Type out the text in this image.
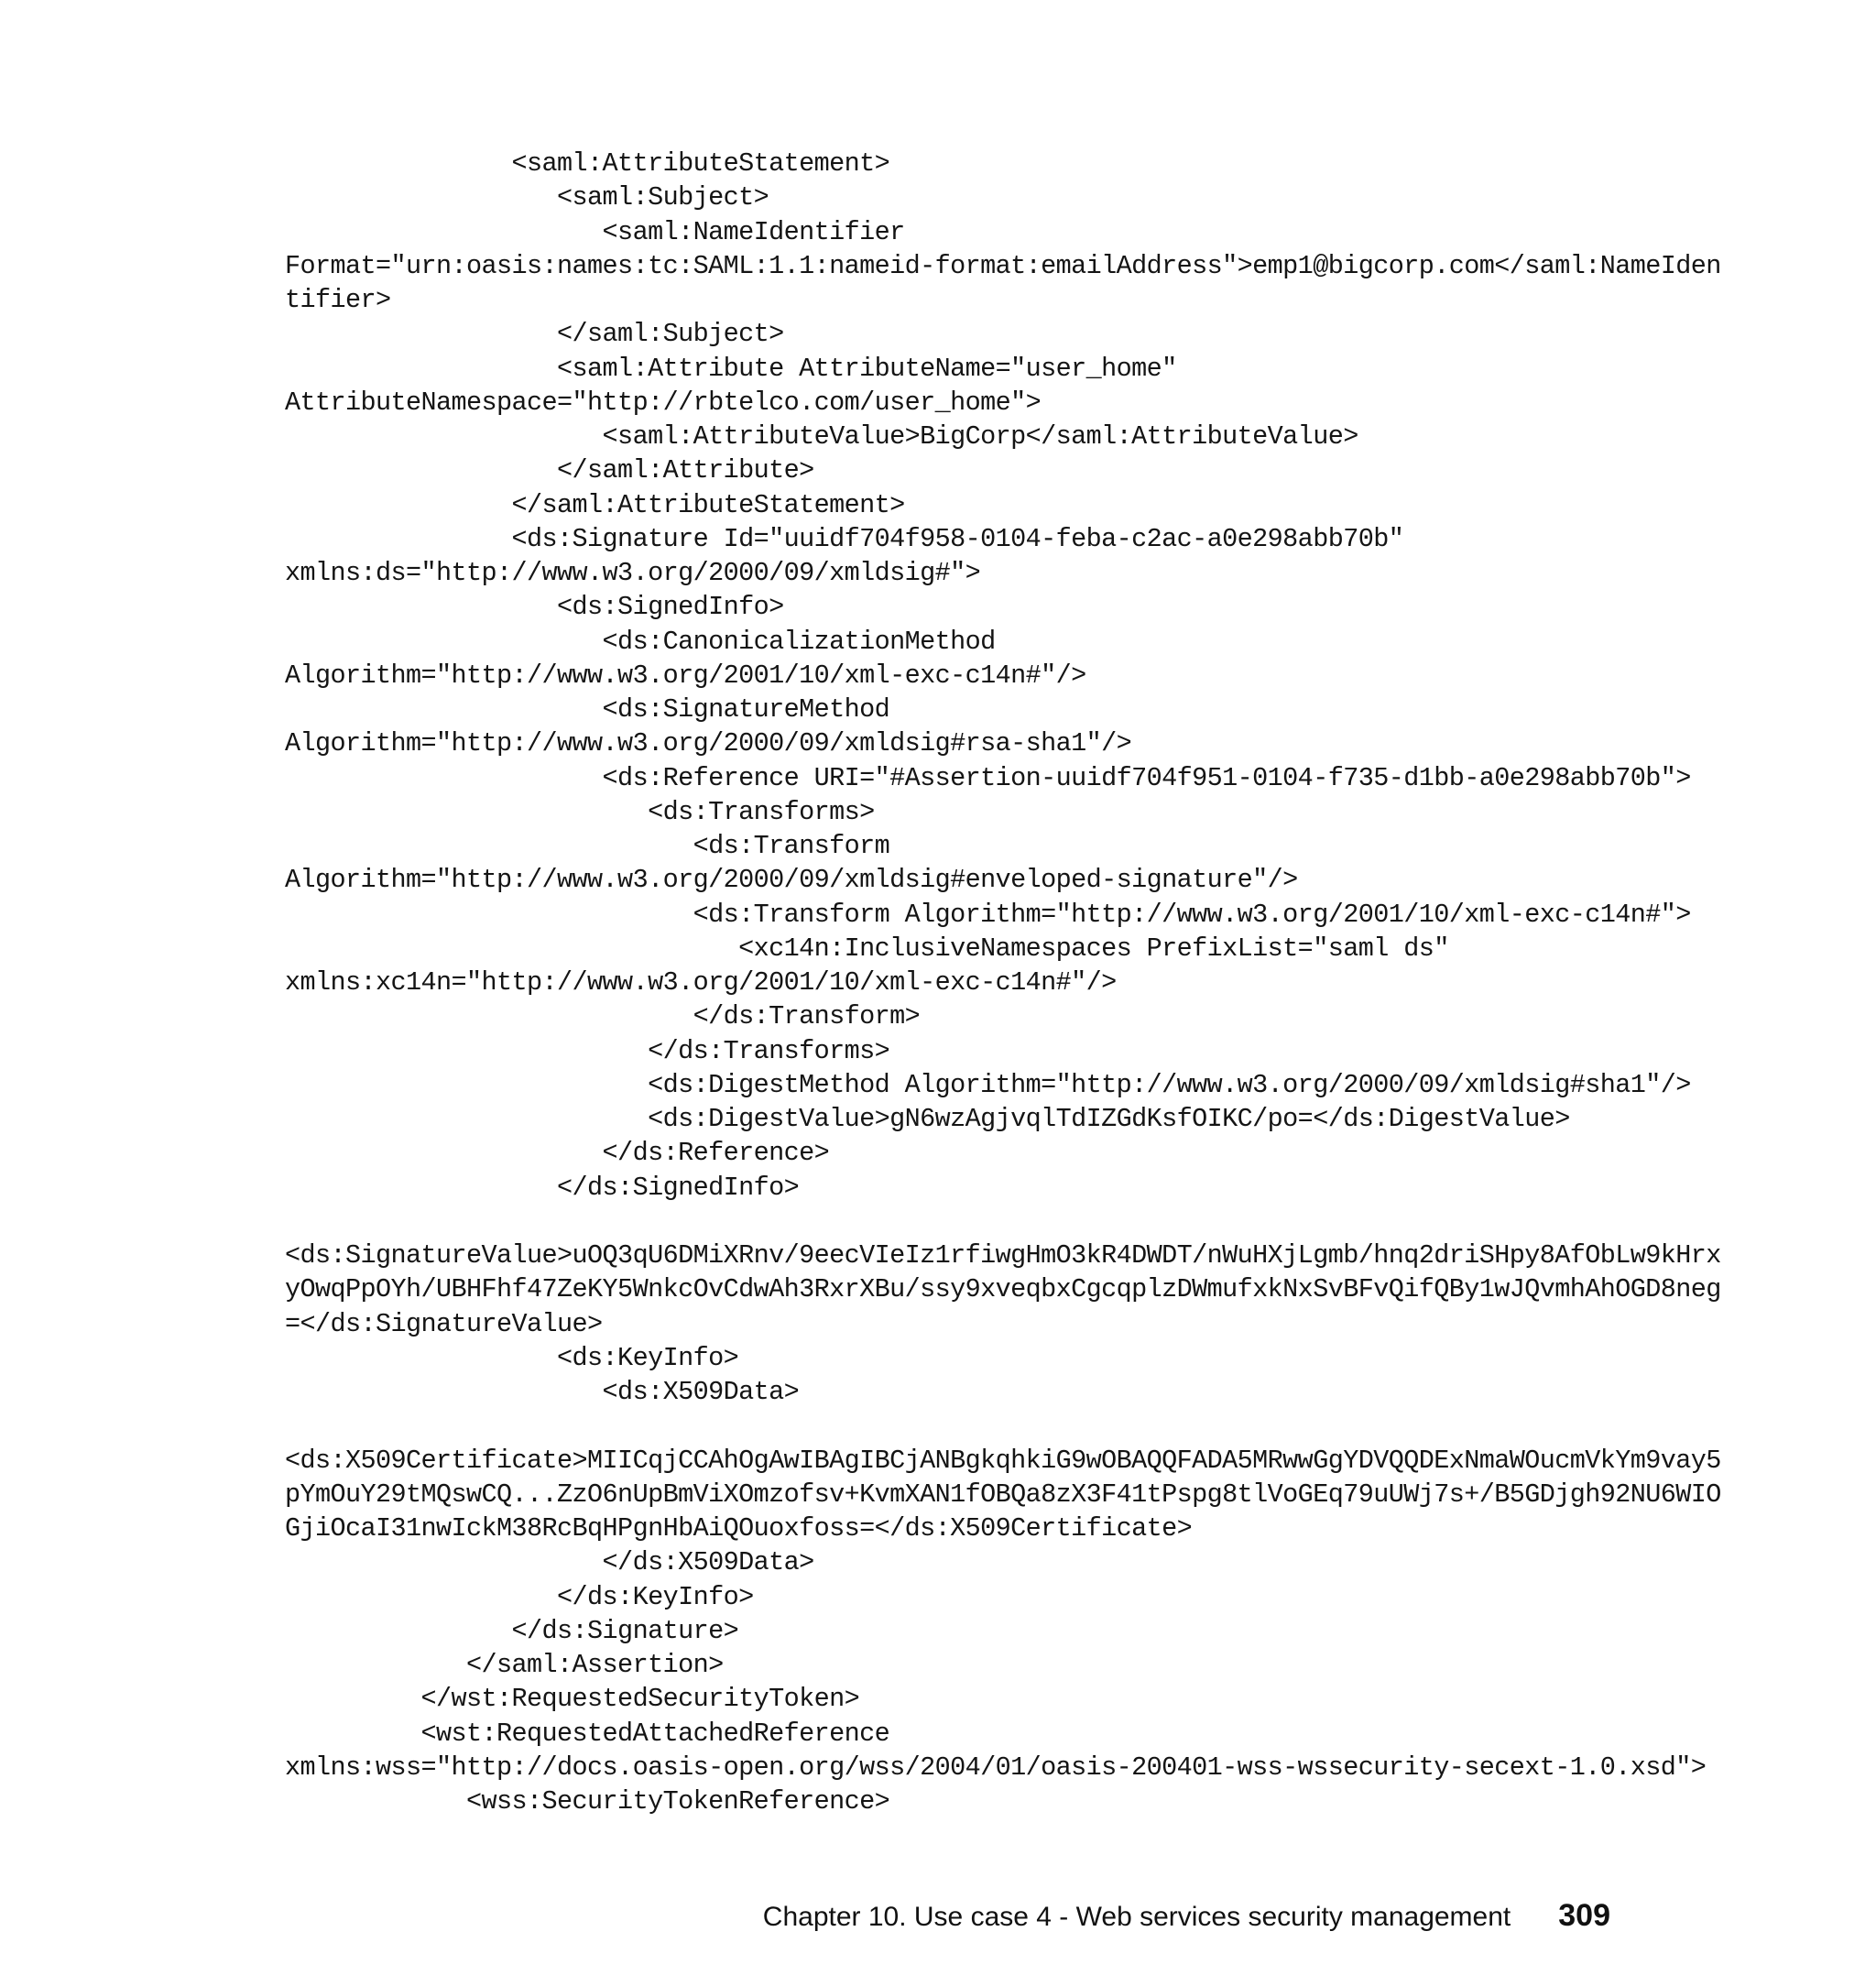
<saml:AttributeStatement>
<saml:Subject>
<saml:NameIdentifier
Format="urn:oasis:names:tc:SAML:1.1:nameid-format:emailAddress">emp1@bigcorp.com</saml:NameIden
tifier>
</saml:Subject>
<saml:Attribute AttributeName="user_home"
AttributeNamespace="http://rbtelco.com/user_home">
<saml:AttributeValue>BigCorp</saml:AttributeValue>
</saml:Attribute>
</saml:AttributeStatement>
<ds:Signature Id="uuidf704f958-0104-feba-c2ac-a0e298abb70b"
xmlns:ds="http://www.w3.org/2000/09/xmldsig#">
<ds:SignedInfo>
<ds:CanonicalizationMethod
Algorithm="http://www.w3.org/2001/10/xml-exc-c14n#"/>
<ds:SignatureMethod
Algorithm="http://www.w3.org/2000/09/xmldsig#rsa-sha1"/>
<ds:Reference URI="#Assertion-uuidf704f951-0104-f735-d1bb-a0e298abb70b">
<ds:Transforms>
<ds:Transform
Algorithm="http://www.w3.org/2000/09/xmldsig#enveloped-signature"/>
<ds:Transform Algorithm="http://www.w3.org/2001/10/xml-exc-c14n#">
<xc14n:InclusiveNamespaces PrefixList="saml ds"
xmlns:xc14n="http://www.w3.org/2001/10/xml-exc-c14n#"/>
</ds:Transform>
</ds:Transforms>
<ds:DigestMethod Algorithm="http://www.w3.org/2000/09/xmldsig#sha1"/>
<ds:DigestValue>gN6wzAgjvqlTdIZGdKsfOIKC/po=</ds:DigestValue>
</ds:Reference>
</ds:SignedInfo>
<ds:SignatureValue>uOQ3qU6DMiXRnv/9eecVIeIz1rfiwgHmO3kR4DWDT/nWuHXjLgmb/hnq2driSHpy8AfObLw9kHrx
yOwqPpOYh/UBHFhf47ZeKY5WnkcOvCdwAh3RxrXBu/ssy9xveqbxCgcqplzDWmufxkNxSvBFvQifQBy1wJQvmhAhOGD8neg
=</ds:SignatureValue>
<ds:KeyInfo>
<ds:X509Data>
<ds:X509Certificate>MIICqjCCAhOgAwIBAgIBCjANBgkqhkiG9wOBAQQFADA5MRwwGgYDVQQDExNmaWOucmVkYm9vay5
pYmOuY29tMQswCQ...ZzO6nUpBmViXOmzofsv+KvmXAN1fOBQa8zX3F41tPspg8tlVoGEq79uUWj7s+/B5GDjgh92NU6WIO
GjiOcaI31nwIckM38RcBqHPgnHbAiQOuoxfoss=</ds:X509Certificate>
</ds:X509Data>
</ds:KeyInfo>
</ds:Signature>
</saml:Assertion>
</wst:RequestedSecurityToken>
<wst:RequestedAttachedReference
xmlns:wss="http://docs.oasis-open.org/wss/2004/01/oasis-200401-wss-wssecurity-secext-1.0.xsd">
<wss:SecurityTokenReference>
Chapter 10. Use case 4 - Web services security management 309
